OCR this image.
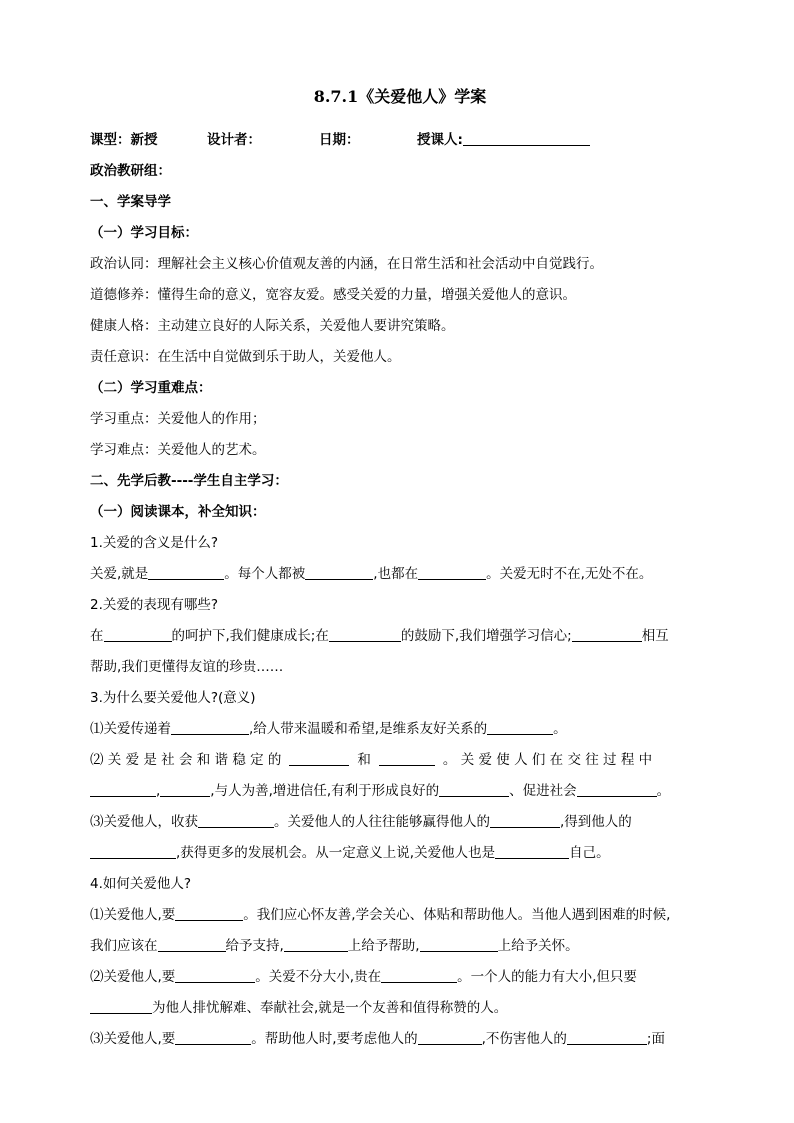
8.7.1《关爱他人》学案
课型：新授	设计者：	日期：	授课人:
政治教研组：
一、学案导学
（一）学习目标：
政治认同：理解社会主义核心价值观友善的内涵，在日常生活和社会活动中自觉践行。
道德修养：懂得生命的意义，宽容友爱。感受关爱的力量，增强关爱他人的意识。
健康人格：主动建立良好的人际关系，关爱他人要讲究策略。
责任意识：在生活中自觉做到乐于助人，关爱他人。
（二）学习重难点：
学习重点：关爱他人的作用；
学习难点：关爱他人的艺术。
二、先学后教----学生自主学习：
（一）阅读课本，补全知识：
1.关爱的含义是什么?
关爱,就是	。每个人都被	,也都在	。关爱无时不在,无处不在。
2.关爱的表现有哪些?
在	的呵护下,我们健康成长;在	的鼓励下,我们增强学习信心;	相互
帮助,我们更懂得友谊的珍贵……
3.为什么要关爱他人?(意义)
⑴关爱传递着	,给人带来温暖和希望,是维系友好关系的	。
⑵ 关 爱 是 社 会 和 谐 稳 定 的	和	。 关 爱 使 人 们 在 交 往 过 程 中
,	,与人为善,增进信任,有利于形成良好的	、促进社会	。
⑶关爱他人，收获	。关爱他人的人往往能够赢得他人的	,得到他人的
,获得更多的发展机会。从一定意义上说,关爱他人也是	自己。
4.如何关爱他人?
⑴关爱他人,要	。我们应心怀友善,学会关心、体贴和帮助他人。当他人遇到困难的时候,
我们应该在	给予支持,	上给予帮助,	上给予关怀。
⑵关爱他人,要	。关爱不分大小,贵在	。一个人的能力有大小,但只要
为他人排忧解难、奉献社会,就是一个友善和值得称赞的人。
⑶关爱他人,要	。帮助他人时,要考虑他人的	,不伤害他人的	;面
